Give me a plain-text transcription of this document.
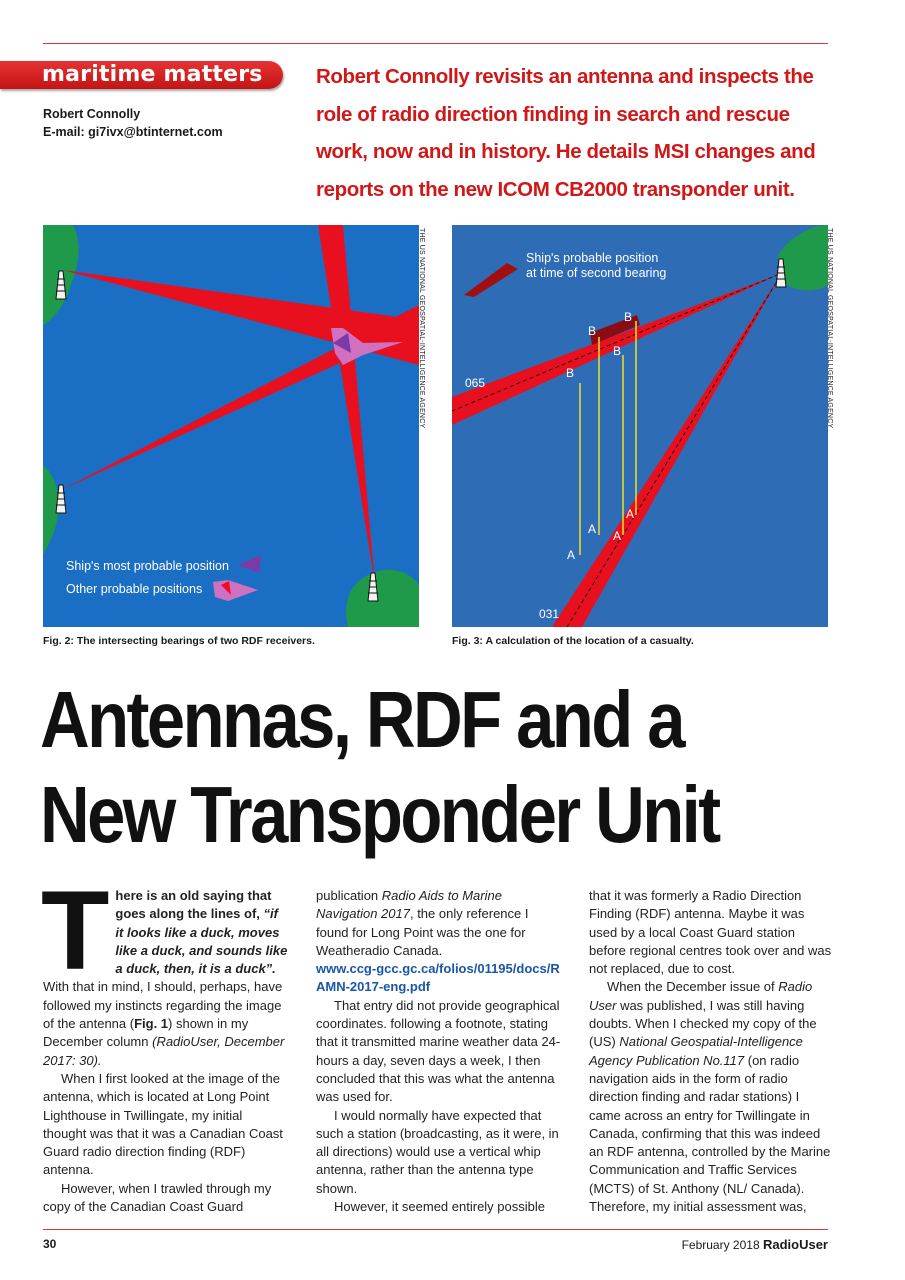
maritime matters
Robert Connolly
E-mail: gi7ivx@btinternet.com
Robert Connolly revisits an antenna and inspects the role of radio direction finding in search and rescue work, now and in history. He details MSI changes and reports on the new ICOM CB2000 transponder unit.
Ship's most probable position
Other probable positions
THE US NATIONAL GEOSPATIAL-INTELLIGENCE AGENCY
Fig. 2: The intersecting bearings of two RDF receivers.
B
B
B
B
A
A A
A
065
031
Ship's probable position
at time of second bearing	THE US NATIONAL GEOSPATIAL-INTELLIGENCE AGENCY
Fig. 3: A calculation of the location of a casualty.
Antennas, RDF and a
New Transponder Unit

There is an old saying that goes along the lines of, “if it looks like a duck, moves like a duck, and sounds like a duck, then, it is a duck”. With that in mind, I should, perhaps, have followed my instincts regarding the image of the antenna (Fig. 1) shown in my December column (RadioUser, December 2017: 30).

When I first looked at the image of the antenna, which is located at Long Point Lighthouse in Twillingate, my initial thought was that it was a Canadian Coast Guard radio direction finding (RDF) antenna.

However, when I trawled through my copy of the Canadian Coast Guard

publication Radio Aids to Marine Navigation 2017, the only reference I found for Long Point was the one for Weatheradio Canada.

www.ccg-gcc.gc.ca/folios/01195/docs/RAMN-2017-eng.pdf

That entry did not provide geographical coordinates. following a footnote, stating that it transmitted marine weather data 24-hours a day, seven days a week, I then concluded that this was what the antenna was used for.

I would normally have expected that such a station (broadcasting, as it were, in all directions) would use a vertical whip antenna, rather than the antenna type shown.

However, it seemed entirely possible

that it was formerly a Radio Direction Finding (RDF) antenna. Maybe it was used by a local Coast Guard station before regional centres took over and was not replaced, due to cost.

When the December issue of Radio User was published, I was still having doubts. When I checked my copy of the (US) National Geospatial-Intelligence Agency Publication No.117 (on radio navigation aids in the form of radio direction finding and radar stations) I came across an entry for Twillingate in Canada, confirming that this was indeed an RDF antenna, controlled by the Marine Communication and Traffic Services (MCTS) of St. Anthony (NL/ Canada). Therefore, my initial assessment was,

30	February 2018 RadioUser
